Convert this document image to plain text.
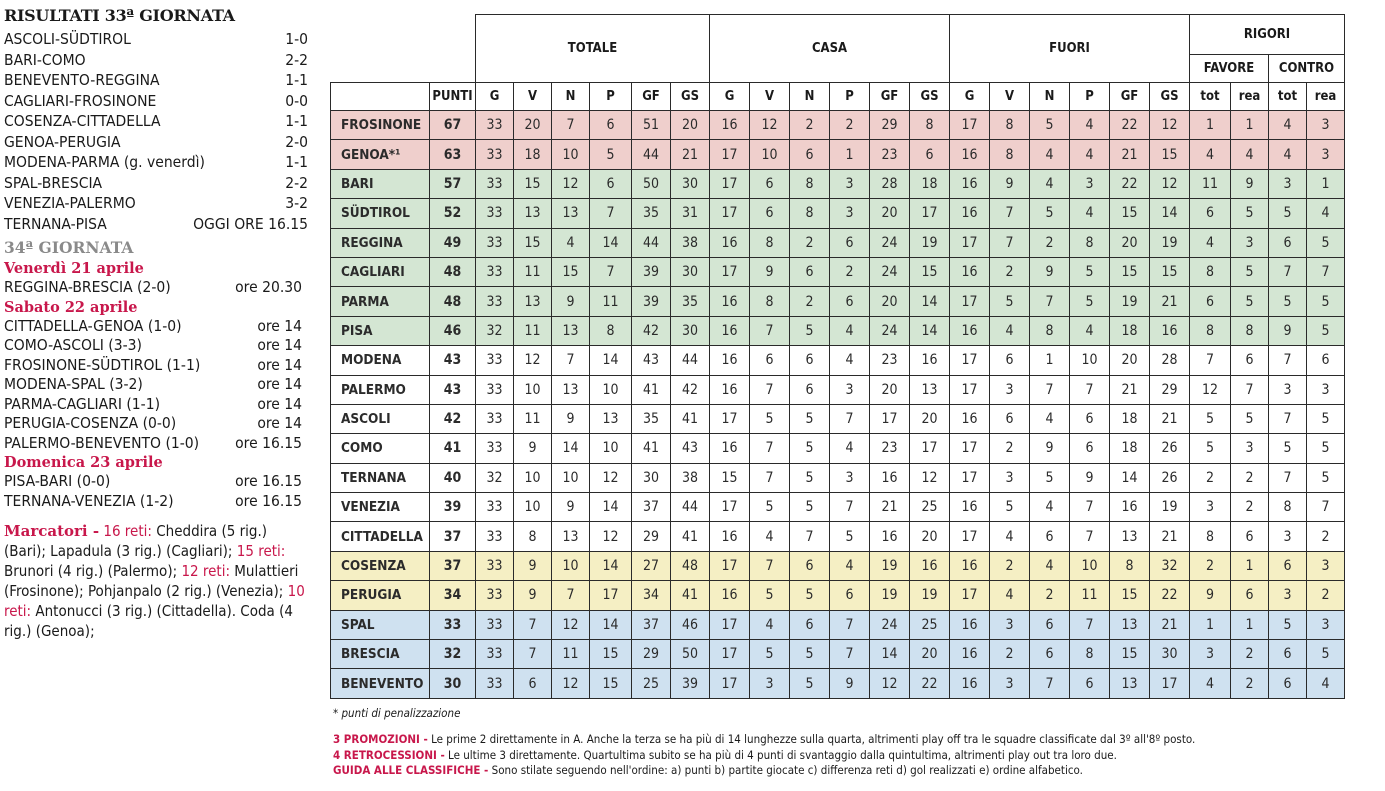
RISULTATI 33ª GIORNATA
ASCOLI-SÜDTIROL	1-0
BARI-COMO	2-2
BENEVENTO-REGGINA	1-1
CAGLIARI-FROSINONE	0-0
COSENZA-CITTADELLA	1-1
GENOA-PERUGIA	2-0
MODENA-PARMA (g. venerdì)	1-1
SPAL-BRESCIA	2-2
VENEZIA-PALERMO	3-2
TERNANA-PISA	OGGI ORE 16.15
34ª GIORNATA
Venerdì 21 aprile
REGGINA-BRESCIA (2-0)	ore 20.30
Sabato 22 aprile
CITTADELLA-GENOA (1-0)	ore 14
COMO-ASCOLI (3-3)	ore 14
FROSINONE-SÜDTIROL (1-1)	ore 14
MODENA-SPAL (3-2)	ore 14
PARMA-CAGLIARI (1-1)	ore 14
PERUGIA-COSENZA (0-0)	ore 14
PALERMO-BENEVENTO (1-0) ore 16.15
Domenica 23 aprile
PISA-BARI (0-0)	ore 16.15
TERNANA-VENEZIA (1-2)	ore 16.15
Marcatori - 16 reti: Cheddira (5 rig.) (Bari); Lapadula (3 rig.) (Cagliari); 15 reti: Brunori (4 rig.) (Palermo); 12 reti: Mulattieri (Frosinone); Pohjanpalo (2 rig.) (Venezia); 10 reti: Antonucci (3 rig.) (Cittadella). Coda (4 rig.) (Genoa);
		TOTALE						CASA						FUORI						RIGORI			
																				FAVORE		CONTRO	
	PUNTI	G	V	N	P	GF	GS	G	V	N	P	GF	GS	G	V	N	P	GF	GS	tot	rea	tot	rea
FROSINONE	67	33	20	7	6	51	20	16	12	2	2	29	8	17	8	5	4	22	12	1	1	4	3
GENOA*¹	63	33	18	10	5	44	21	17	10	6	1	23	6	16	8	4	4	21	15	4	4	4	3
BARI	57	33	15	12	6	50	30	17	6	8	3	28	18	16	9	4	3	22	12	11	9	3	1
SÜDTIROL	52	33	13	13	7	35	31	17	6	8	3	20	17	16	7	5	4	15	14	6	5	5	4
REGGINA	49	33	15	4	14	44	38	16	8	2	6	24	19	17	7	2	8	20	19	4	3	6	5
CAGLIARI	48	33	11	15	7	39	30	17	9	6	2	24	15	16	2	9	5	15	15	8	5	7	7
PARMA	48	33	13	9	11	39	35	16	8	2	6	20	14	17	5	7	5	19	21	6	5	5	5
PISA	46	32	11	13	8	42	30	16	7	5	4	24	14	16	4	8	4	18	16	8	8	9	5
MODENA	43	33	12	7	14	43	44	16	6	6	4	23	16	17	6	1	10	20	28	7	6	7	6
PALERMO	43	33	10	13	10	41	42	16	7	6	3	20	13	17	3	7	7	21	29	12	7	3	3
ASCOLI	42	33	11	9	13	35	41	17	5	5	7	17	20	16	6	4	6	18	21	5	5	7	5
COMO	41	33	9	14	10	41	43	16	7	5	4	23	17	17	2	9	6	18	26	5	3	5	5
TERNANA	40	32	10	10	12	30	38	15	7	5	3	16	12	17	3	5	9	14	26	2	2	7	5
VENEZIA	39	33	10	9	14	37	44	17	5	5	7	21	25	16	5	4	7	16	19	3	2	8	7
CITTADELLA	37	33	8	13	12	29	41	16	4	7	5	16	20	17	4	6	7	13	21	8	6	3	2
COSENZA	37	33	9	10	14	27	48	17	7	6	4	19	16	16	2	4	10	8	32	2	1	6	3
PERUGIA	34	33	9	7	17	34	41	16	5	5	6	19	19	17	4	2	11	15	22	9	6	3	2
SPAL	33	33	7	12	14	37	46	17	4	6	7	24	25	16	3	6	7	13	21	1	1	5	3
BRESCIA	32	33	7	11	15	29	50	17	5	5	7	14	20	16	2	6	8	15	30	3	2	6	5
BENEVENTO	30	33	6	12	15	25	39	17	3	5	9	12	22	16	3	7	6	13	17	4	2	6	4
* punti di penalizzazione
3 PROMOZIONI - Le prime 2 direttamente in A. Anche la terza se ha più di 14 lunghezze sulla quarta, altrimenti play off tra le squadre classificate dal 3º all'8º posto.
4 RETROCESSIONI - Le ultime 3 direttamente. Quartultima subito se ha più di 4 punti di svantaggio dalla quintultima, altrimenti play out tra loro due.
GUIDA ALLE CLASSIFICHE - Sono stilate seguendo nell'ordine: a) punti b) partite giocate c) differenza reti d) gol realizzati e) ordine alfabetico.
